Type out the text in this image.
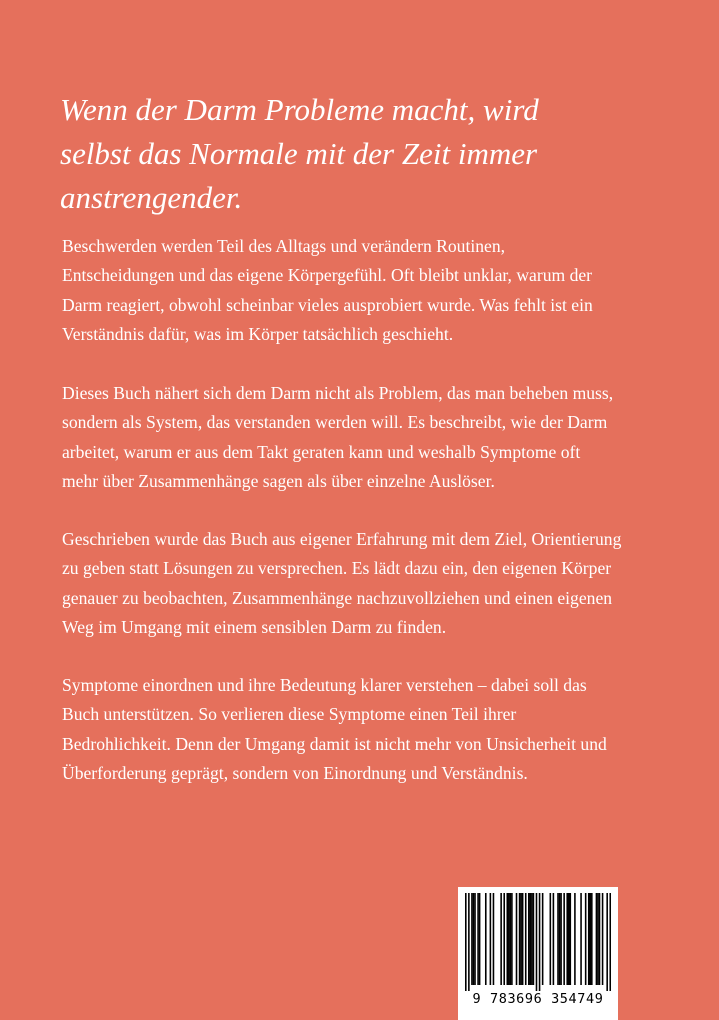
Wenn der Darm Probleme macht, wird
selbst das Normale mit der Zeit immer
anstrengender.

Beschwerden werden Teil des Alltags und verändern Routinen,
Entscheidungen und das eigene Körpergefühl. Oft bleibt unklar, warum der
Darm reagiert, obwohl scheinbar vieles ausprobiert wurde. Was fehlt ist ein
Verständnis dafür, was im Körper tatsächlich geschieht.

Dieses Buch nähert sich dem Darm nicht als Problem, das man beheben muss,
sondern als System, das verstanden werden will. Es beschreibt, wie der Darm
arbeitet, warum er aus dem Takt geraten kann und weshalb Symptome oft
mehr über Zusammenhänge sagen als über einzelne Auslöser.

Geschrieben wurde das Buch aus eigener Erfahrung mit dem Ziel, Orientierung
zu geben statt Lösungen zu versprechen. Es lädt dazu ein, den eigenen Körper
genauer zu beobachten, Zusammenhänge nachzuvollziehen und einen eigenen
Weg im Umgang mit einem sensiblen Darm zu finden.

Symptome einordnen und ihre Bedeutung klarer verstehen – dabei soll das
Buch unterstützen. So verlieren diese Symptome einen Teil ihrer
Bedrohlichkeit. Denn der Umgang damit ist nicht mehr von Unsicherheit und
Überforderung geprägt, sondern von Einordnung und Verständnis.

9 783696 354749
